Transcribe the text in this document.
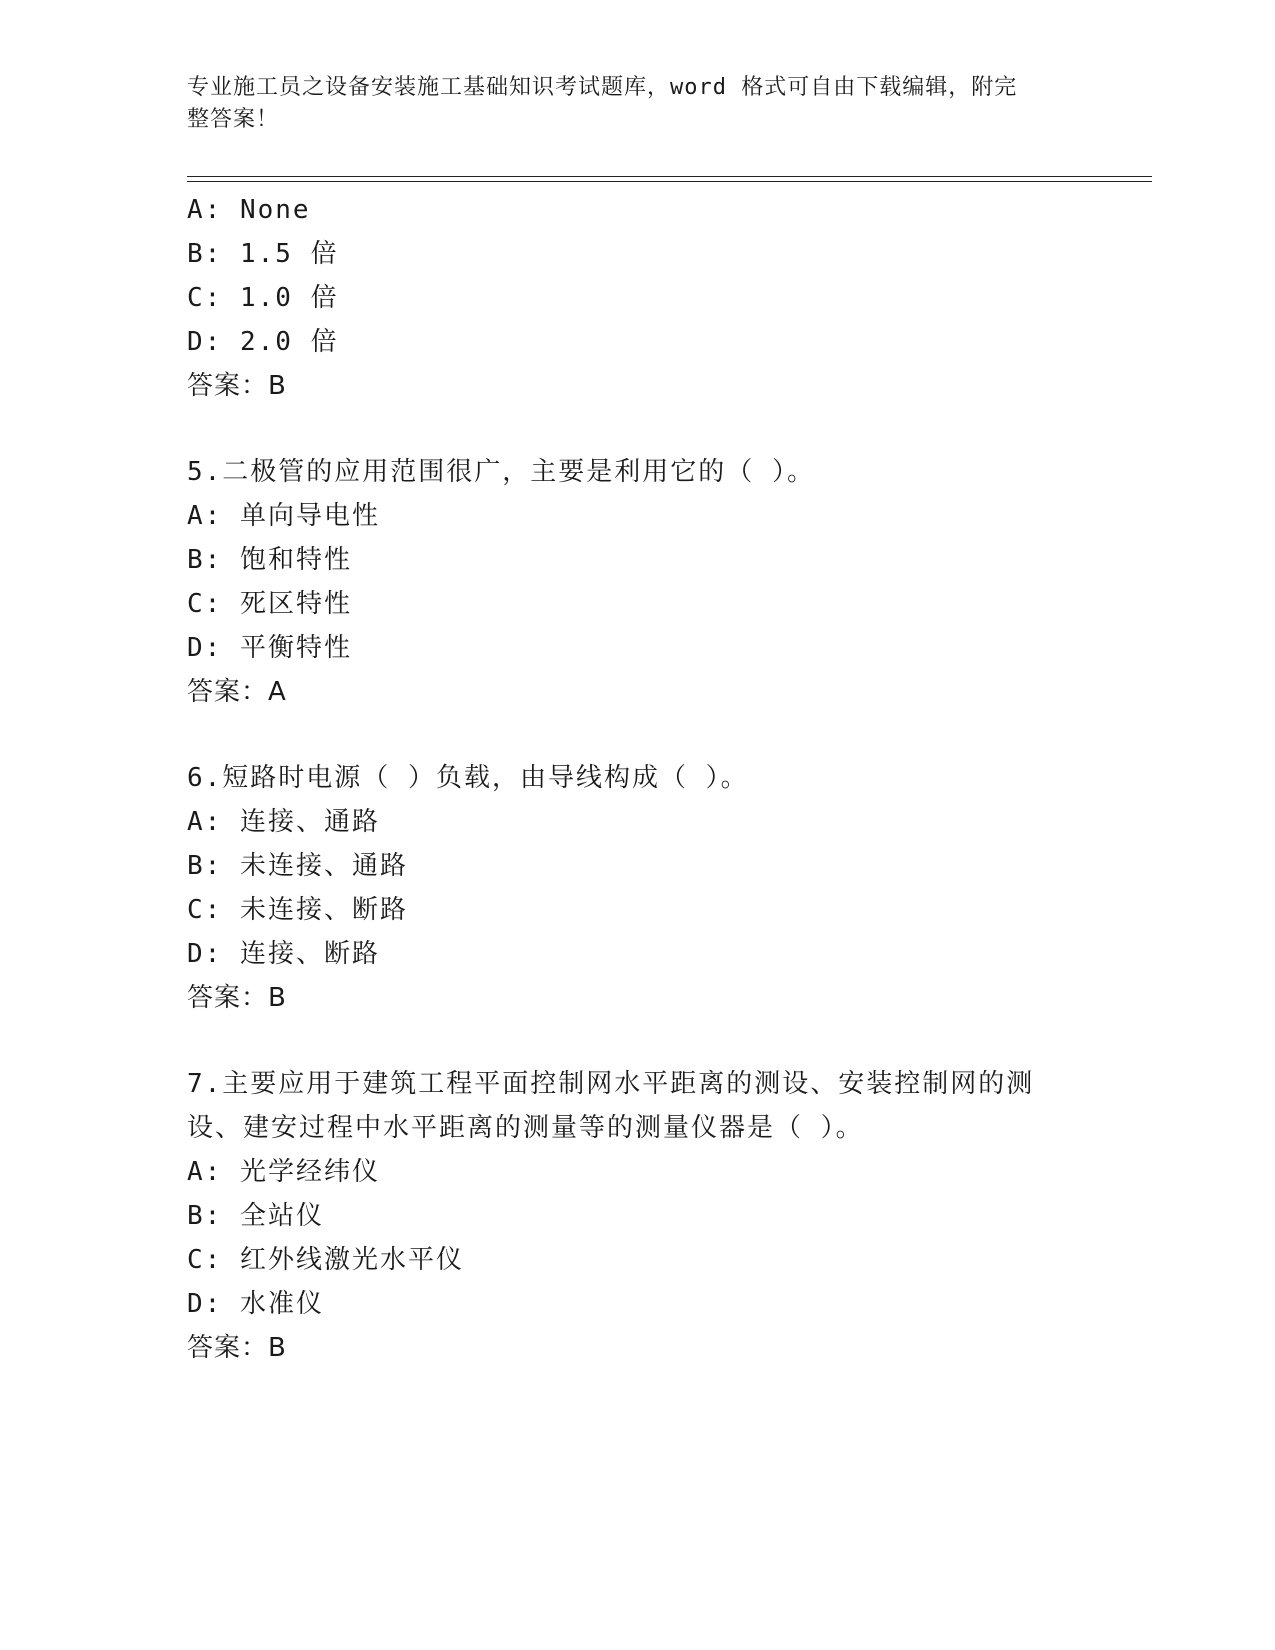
专业施工员之设备安装施工基础知识考试题库，word 格式可自由下载编辑，附完
整答案！
A: None
B: 1.5 倍
C: 1.0 倍
D: 2.0 倍
答案：B
5.二极管的应用范围很广，主要是利用它的（ ）。
A: 单向导电性
B: 饱和特性
C: 死区特性
D: 平衡特性
答案：A
6.短路时电源（ ）负载，由导线构成（ ）。
A: 连接、通路
B: 未连接、通路
C: 未连接、断路
D: 连接、断路
答案：B
7.主要应用于建筑工程平面控制网水平距离的测设、安装控制网的测
设、建安过程中水平距离的测量等的测量仪器是（ ）。
A: 光学经纬仪
B: 全站仪
C: 红外线激光水平仪
D: 水准仪
答案：B
